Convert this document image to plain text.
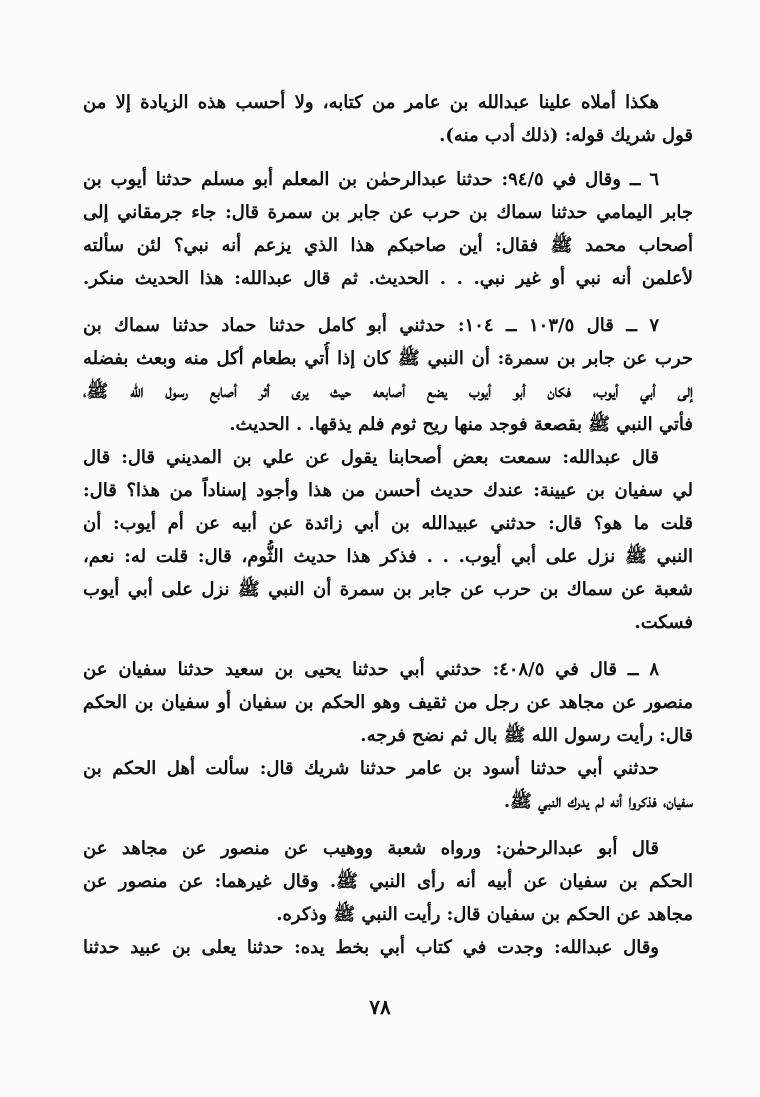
هكذا أملاه علينا عبدالله بن عامر من كتابه، ولا أحسب هذه الزيادة إلا من
قول شريك قوله: (ذلك أدب منه).
٦ ــ وقال في ٩٤/٥: حدثنا عبدالرحمٰن بن المعلم أبو مسلم حدثنا أيوب بن
جابر اليمامي حدثنا سماك بن حرب عن جابر بن سمرة قال: جاء جرمقاني إلى
أصحاب محمد ﷺ فقال: أين صاحبكم هذا الذي يزعم أنه نبي؟ لئن سألته
لأعلمن أنه نبي أو غير نبي. . . الحديث. ثم قال عبدالله: هذا الحديث منكر.
٧ ــ قال ١٠٣/٥ ــ ١٠٤: حدثني أبو كامل حدثنا حماد حدثنا سماك بن
حرب عن جابر بن سمرة: أن النبي ﷺ كان إذا أُتي بطعام أكل منه وبعث بفضله
إلى أبي أيوب، فكان أبو أيوب يضع أصابعه حيث يرى أثر أصابع رسول الله ﷺ،
فأتي النبي ﷺ بقصعة فوجد منها ريح ثوم فلم يذقها. . الحديث.
قال عبدالله: سمعت بعض أصحابنا يقول عن علي بن المديني قال: قال
لي سفيان بن عيينة: عندك حديث أحسن من هذا وأجود إسناداً من هذا؟ قال:
قلت ما هو؟ قال: حدثني عبيدالله بن أبي زائدة عن أبيه عن أم أيوب: أن
النبي ﷺ نزل على أبي أيوب. . . فذكر هذا حديث الثُّوم، قال: قلت له: نعم،
شعبة عن سماك بن حرب عن جابر بن سمرة أن النبي ﷺ نزل على أبي أيوب
فسكت.
٨ ــ قال في ٤٠٨/٥: حدثني أبي حدثنا يحيى بن سعيد حدثنا سفيان عن
منصور عن مجاهد عن رجل من ثقيف وهو الحكم بن سفيان أو سفيان بن الحكم
قال: رأيت رسول الله ﷺ بال ثم نضح فرجه.
حدثني أبي حدثنا أسود بن عامر حدثنا شريك قال: سألت أهل الحكم بن
سفيان، فذكروا أنه لم يدرك النبي ﷺ.
قال أبو عبدالرحمٰن: ورواه شعبة ووهيب عن منصور عن مجاهد عن
الحكم بن سفيان عن أبيه أنه رأى النبي ﷺ. وقال غيرهما: عن منصور عن
مجاهد عن الحكم بن سفيان قال: رأيت النبي ﷺ وذكره.
وقال عبدالله: وجدت في كتاب أبي بخط يده: حدثنا يعلى بن عبيد حدثنا
٧٨
